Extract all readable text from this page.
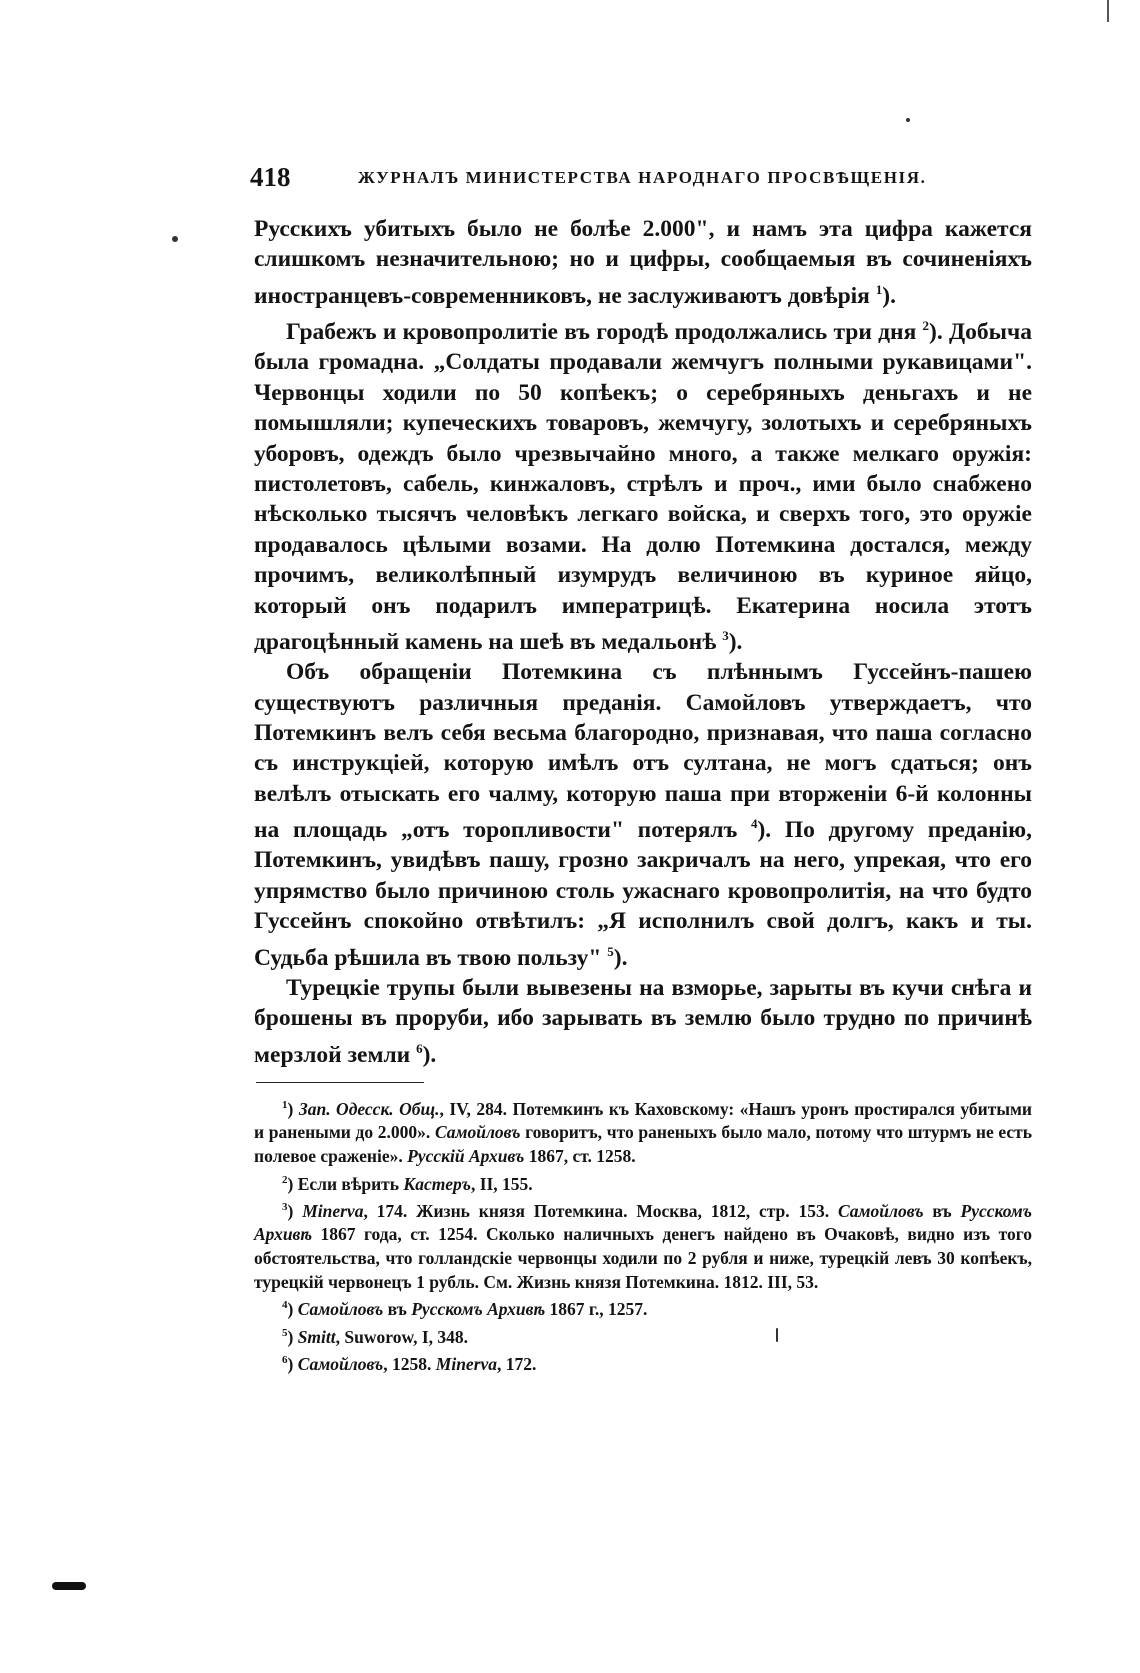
418	ЖУРНАЛЪ МИНИСТЕРСТВА НАРОДНАГО ПРОСВѢЩЕНІЯ.

Русскихъ убитыхъ было не болѣе 2.000", и намъ эта цифра кажется слишкомъ незначительною; но и цифры, сообщаемыя въ сочиненіяхъ иностранцевъ-современниковъ, не заслуживаютъ довѣрія $^1$).

Грабежъ и кровопролитіе въ городѣ продолжались три дня $^2$). Добыча была громадна. „Солдаты продавали жемчугъ полными рукавицами". Червонцы ходили по 50 копѣекъ; о серебряныхъ деньгахъ и не помышляли; купеческихъ товаровъ, жемчугу, золотыхъ и серебряныхъ уборовъ, одеждъ было чрезвычайно много, а также мелкаго оружія: пистолетовъ, сабель, кинжаловъ, стрѣлъ и проч., ими было снабжено нѣсколько тысячъ человѣкъ легкаго войска, и сверхъ того, это оружіе продавалось цѣлыми возами. На долю Потемкина достался, между прочимъ, великолѣпный изумрудъ величиною въ куриное яйцо, который онъ подарилъ императрицѣ. Екатерина носила этотъ драгоцѣнный камень на шеѣ въ медальонѣ $^3$).

Объ обращеніи Потемкина съ плѣннымъ Гуссейнъ-пашею существуютъ различныя преданія. Самойловъ утверждаетъ, что Потемкинъ велъ себя весьма благородно, признавая, что паша согласно съ инструкціей, которую имѣлъ отъ султана, не могъ сдаться; онъ велѣлъ отыскать его чалму, которую паша при вторженіи 6-й колонны на площадь „отъ торопливости" потерялъ $^4$). По другому преданію, Потемкинъ, увидѣвъ пашу, грозно закричалъ на него, упрекая, что его упрямство было причиною столь ужаснаго кровопролитія, на что будто Гуссейнъ спокойно отвѣтилъ: „Я исполнилъ свой долгъ, какъ и ты. Судьба рѣшила въ твою пользу" $^5$).

Турецкіе трупы были вывезены на взморье, зарыты въ кучи снѣга и брошены въ проруби, ибо зарывать въ землю было трудно по причинѣ мерзлой земли $^6$).

$^1$) Зап. Одесск. Общ., IV, 284. Потемкинъ къ Каховскому: «Нашъ уронъ простирался убитыми и ранеными до 2.000». Самойловъ говоритъ, что раненыхъ было мало, потому что штурмъ не есть полевое сраженіе». Русскій Архивъ 1867, ст. 1258.

$^2$) Если вѣрить Кастеръ, II, 155.

$^3$) Minerva, 174. Жизнь князя Потемкина. Москва, 1812, стр. 153. Самойловъ въ Русскомъ Архивѣ 1867 года, ст. 1254. Сколько наличныхъ денегъ найдено въ Очаковѣ, видно изъ того обстоятельства, что голландскіе червонцы ходили по 2 рубля и ниже, турецкій левъ 30 копѣекъ, турецкій червонецъ 1 рубль. См. Жизнь князя Потемкина. 1812. III, 53.

$^4$) Самойловъ въ Русскомъ Архивѣ 1867 г., 1257.

$^5$) Smitt, Suworow, I, 348.

$^6$) Самойловъ, 1258. Minerva, 172.
